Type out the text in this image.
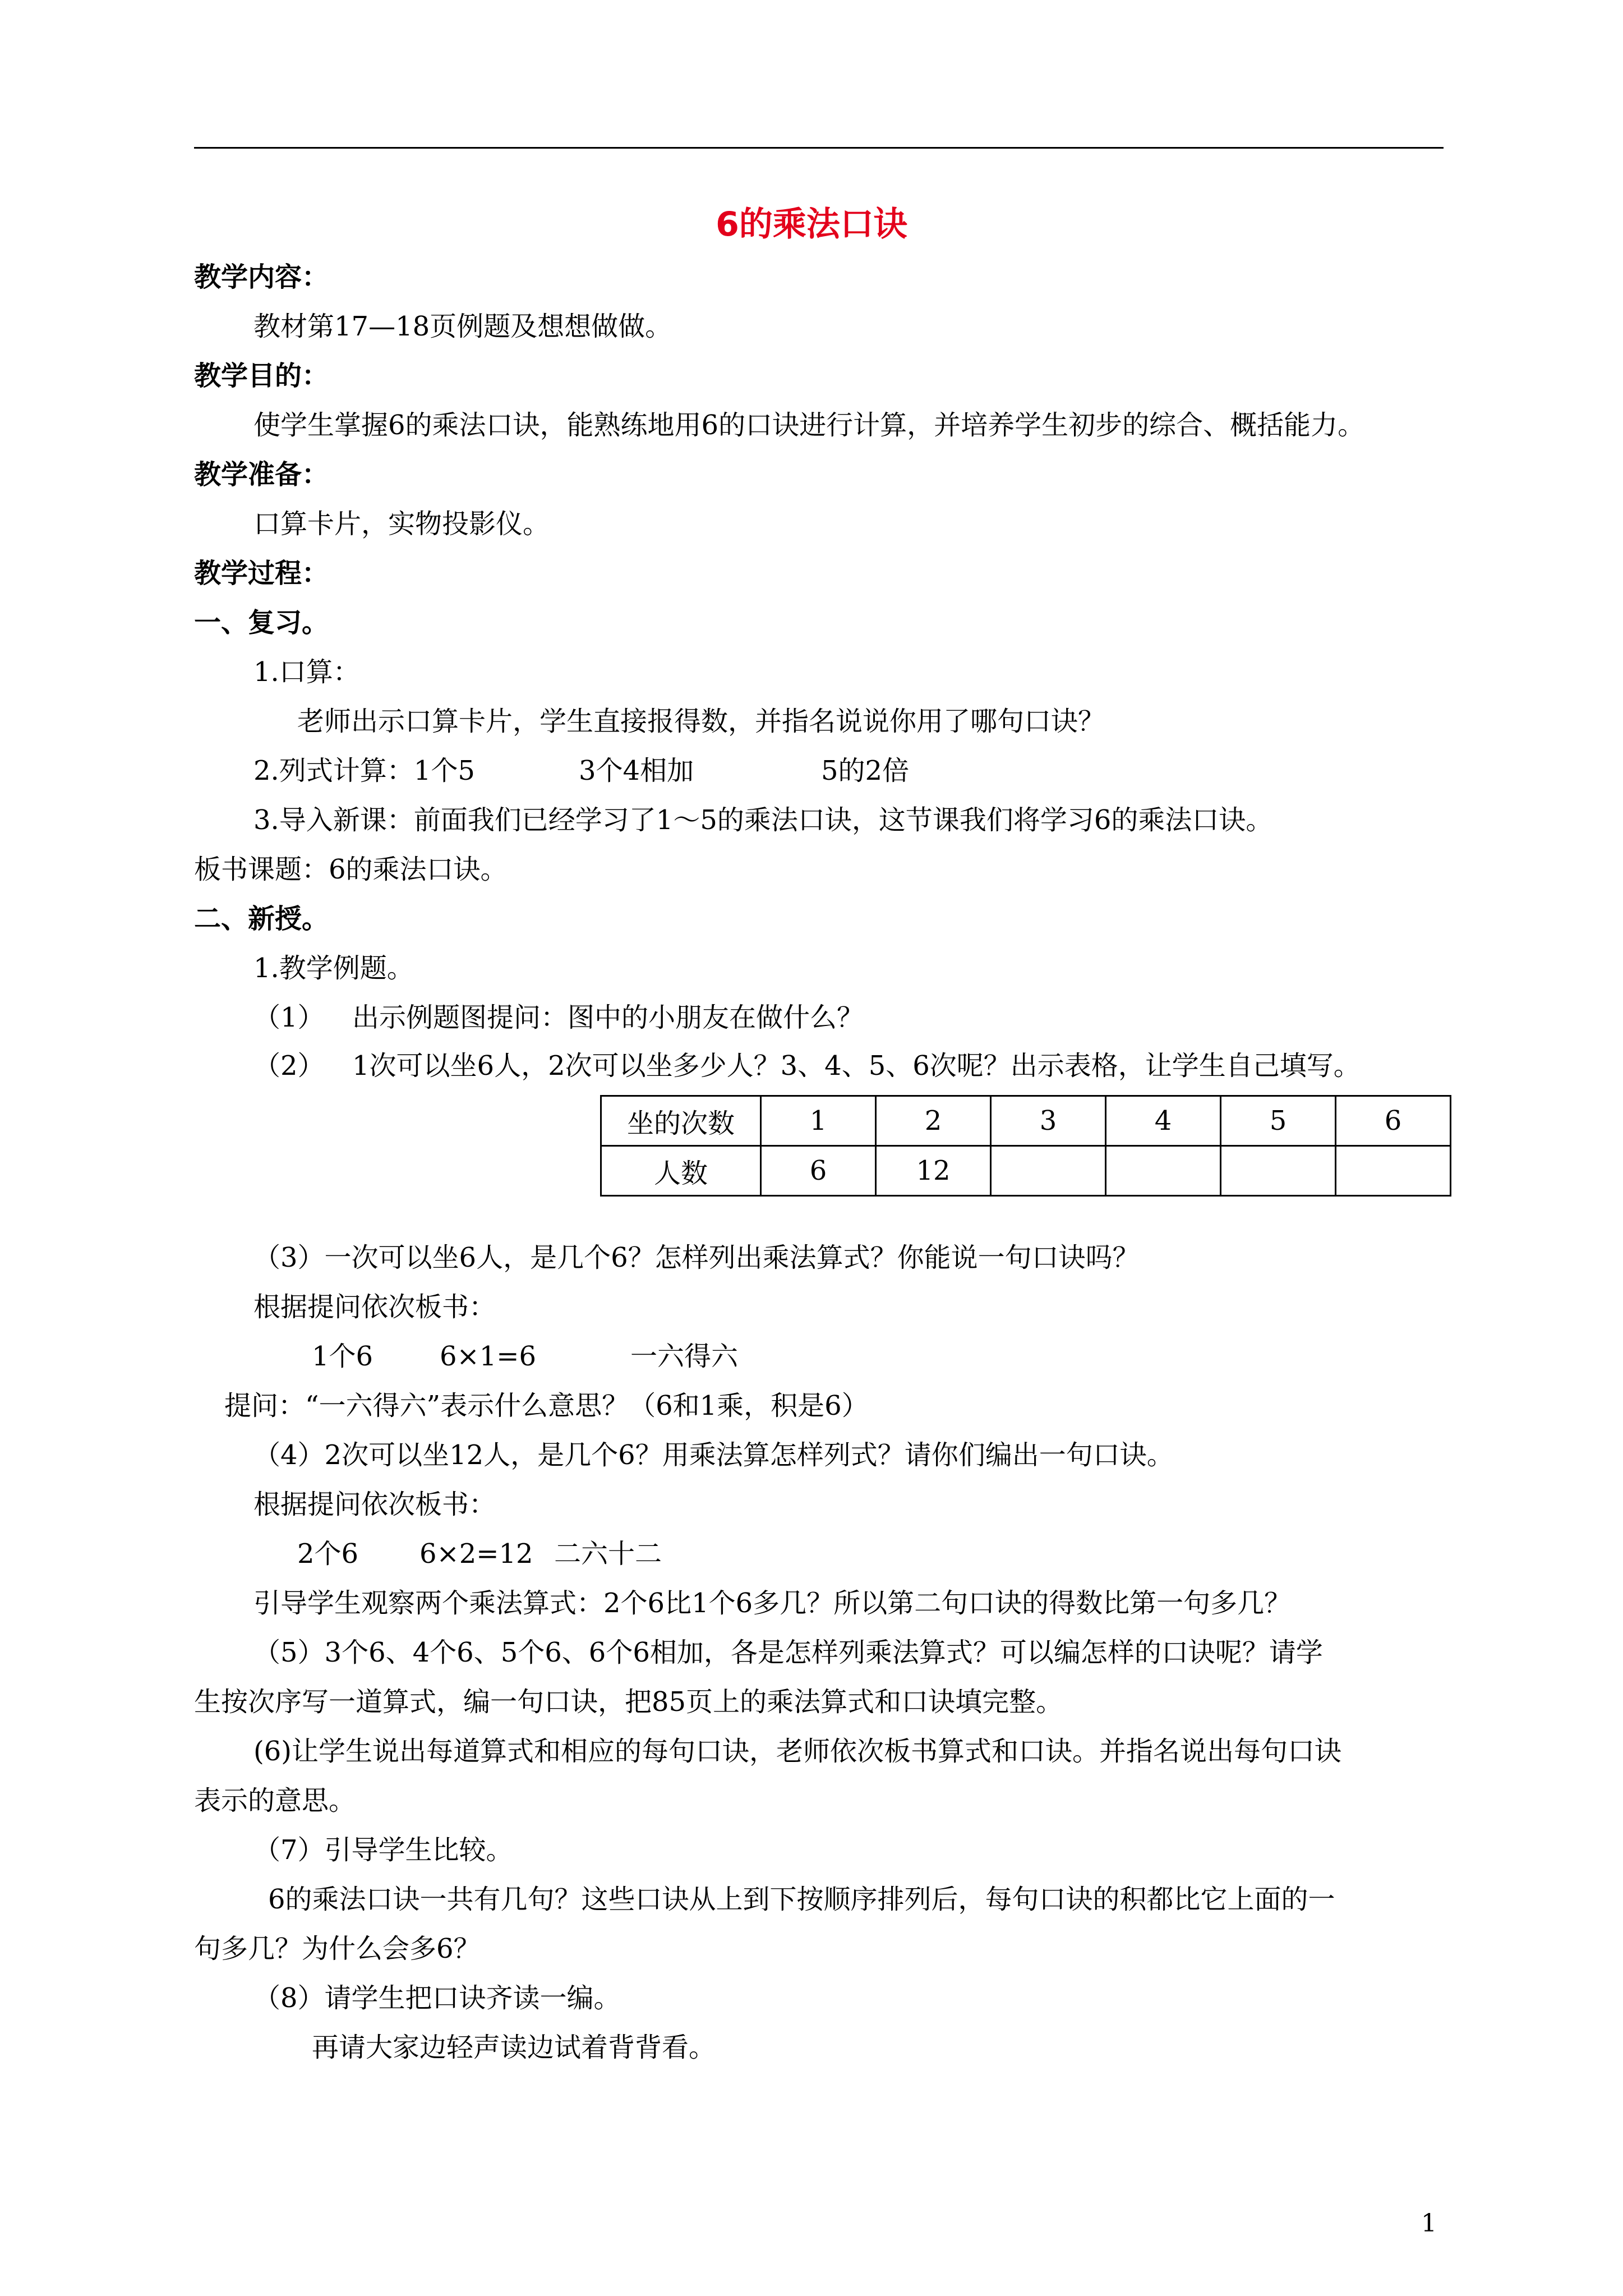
6的乘法口诀
教学内容：
教材第17—18页例题及想想做做。
教学目的：
使学生掌握6的乘法口诀，能熟练地用6的口诀进行计算，并培养学生初步的综合、概括能力。
教学准备：
口算卡片，实物投影仪。
教学过程：
一、复习。
1.口算：
老师出示口算卡片，学生直接报得数，并指名说说你用了哪句口诀？
2.列式计算：1个5	3个4相加	5的2倍
3.导入新课：前面我们已经学习了1～5的乘法口诀，这节课我们将学习6的乘法口诀。
板书课题：6的乘法口诀。
二、新授。
1.教学例题。
（1） 出示例题图提问：图中的小朋友在做什么？
（2） 1次可以坐6人，2次可以坐多少人？3、4、5、6次呢？出示表格，让学生自己填写。
坐的次数	1	2	3	4	5	6
人数	6	12				
（3）一次可以坐6人，是几个6？怎样列出乘法算式？你能说一句口诀吗？
根据提问依次板书：
1个6 6×1=6	一六得六
提问：“一六得六”表示什么意思？（6和1乘，积是6）
（4）2次可以坐12人，是几个6？用乘法算怎样列式？请你们编出一句口诀。
根据提问依次板书：
2个6 6×2=12 二六十二
引导学生观察两个乘法算式：2个6比1个6多几？所以第二句口诀的得数比第一句多几？
（5）3个6、4个6、5个6、6个6相加，各是怎样列乘法算式？可以编怎样的口诀呢？请学
生按次序写一道算式，编一句口诀，把85页上的乘法算式和口诀填完整。
(6)让学生说出每道算式和相应的每句口诀，老师依次板书算式和口诀。并指名说出每句口诀
表示的意思。
（7）引导学生比较。
6的乘法口诀一共有几句？这些口诀从上到下按顺序排列后，每句口诀的积都比它上面的一
句多几？为什么会多6？
（8）请学生把口诀齐读一编。
再请大家边轻声读边试着背背看。
1
